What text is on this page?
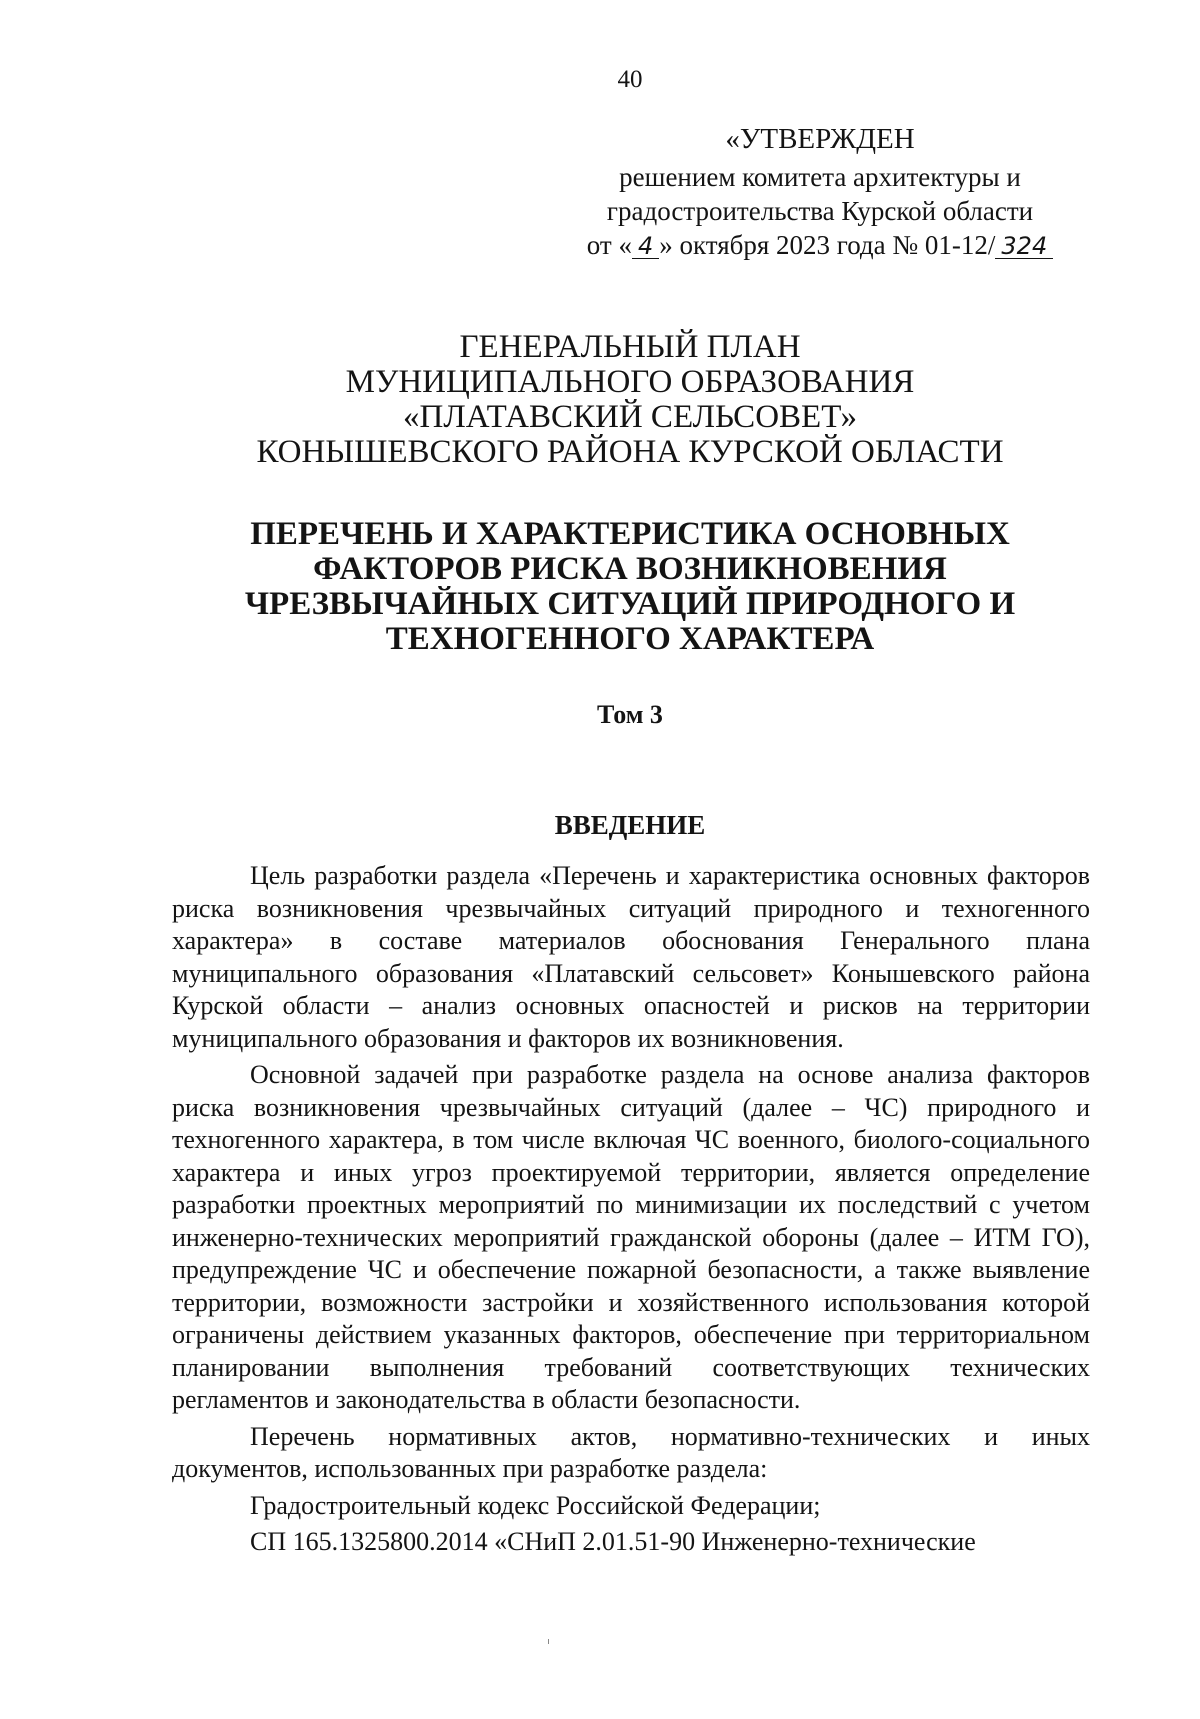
40
«УТВЕРЖДЕН
решением комитета архитектуры и
градостроительства Курской области
от « 4 » октября 2023 года № 01-12/ 324
ГЕНЕРАЛЬНЫЙ ПЛАН
МУНИЦИПАЛЬНОГО ОБРАЗОВАНИЯ
«ПЛАТАВСКИЙ СЕЛЬСОВЕТ»
КОНЫШЕВСКОГО РАЙОНА КУРСКОЙ ОБЛАСТИ
ПЕРЕЧЕНЬ И ХАРАКТЕРИСТИКА ОСНОВНЫХ
ФАКТОРОВ РИСКА ВОЗНИКНОВЕНИЯ
ЧРЕЗВЫЧАЙНЫХ СИТУАЦИЙ ПРИРОДНОГО И
ТЕХНОГЕННОГО ХАРАКТЕРА
Том 3
ВВЕДЕНИЕ

Цель разработки раздела «Перечень и характеристика основных факторов риска возникновения чрезвычайных ситуаций природного и техногенного характера» в составе материалов обоснования Генерального плана муниципального образования «Платавский сельсовет» Конышевского района Курской области – анализ основных опасностей и рисков на территории муниципального образования и факторов их возникновения.

Основной задачей при разработке раздела на основе анализа факторов риска возникновения чрезвычайных ситуаций (далее – ЧС) природного и техногенного характера, в том числе включая ЧС военного, биолого-социального характера и иных угроз проектируемой территории, является определение разработки проектных мероприятий по минимизации их последствий с учетом инженерно-технических мероприятий гражданской обороны (далее – ИТМ ГО), предупреждение ЧС и обеспечение пожарной безопасности, а также выявление территории, возможности застройки и хозяйственного использования которой ограничены действием указанных факторов, обеспечение при территориальном планировании выполнения требований соответствующих технических регламентов и законодательства в области безопасности.

Перечень нормативных актов, нормативно-технических и иных документов, использованных при разработке раздела:

Градостроительный кодекс Российской Федерации;

СП 165.1325800.2014 «СНиП 2.01.51-90 Инженерно-технические
